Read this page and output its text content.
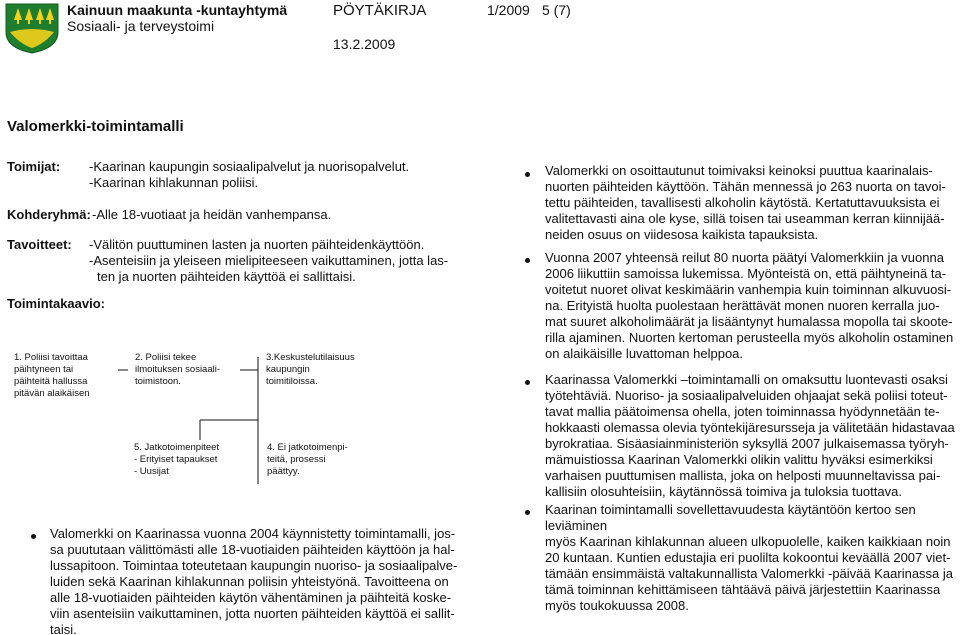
Kainuun maakunta -kuntayhtymä
Sosiaali- ja terveystoimi
PÖYTÄKIRJA	1/2009 5 (7)
13.2.2009
Valomerkki-toimintamalli
Toimijat: -Kaarinan kaupungin sosiaalipalvelut ja nuorisopalvelut.
-Kaarinan kihlakunnan poliisi.
Kohderyhmä: -Alle 18-vuotiaat ja heidän vanhempansa.
Tavoitteet: -Välitön puuttuminen lasten ja nuorten päihteidenkäyttöön.
-Asenteisiin ja yleiseen mielipiteeseen vaikuttaminen, jotta las-
ten ja nuorten päihteiden käyttöä ei sallittaisi.
Toimintakaavio:
1. Poliisi tavoittaa
päihtyneen tai
päihteitä hallussa
pitävän alaikäisen
2. Poliisi tekee
ilmoituksen sosiaali-
toimistoon.
3.Keskustelutilaisuus
kaupungin
toimitiloissa.
5. Jatkotoimenpiteet
- Erityiset tapaukset
- Uusijat
4. Ei jatkotoimenpi-
teitä, prosessi
päättyy.
Valomerkki on Kaarinassa vuonna 2004 käynnistetty toimintamalli, jos-
sa puututaan välittömästi alle 18-vuotiaiden päihteiden käyttöön ja hal-
lussapitoon. Toimintaa toteutetaan kaupungin nuoriso- ja sosiaalipalve-
luiden sekä Kaarinan kihlakunnan poliisin yhteistyönä. Tavoitteena on
alle 18-vuotiaiden päihteiden käytön vähentäminen ja päihteitä koske-
viin asenteisiin vaikuttaminen, jotta nuorten päihteiden käyttöä ei sallit-
taisi.
Valomerkki on osoittautunut toimivaksi keinoksi puuttua kaarinalais-
nuorten päihteiden käyttöön. Tähän mennessä jo 263 nuorta on tavoi-
tettu päihteiden, tavallisesti alkoholin käytöstä. Kertatuttavuuksista ei
valitettavasti aina ole kyse, sillä toisen tai useamman kerran kiinnijää-
neiden osuus on viidesosa kaikista tapauksista.
Vuonna 2007 yhteensä reilut 80 nuorta päätyi Valomerkkiin ja vuonna
2006 liikuttiin samoissa lukemissa. Myönteistä on, että päihtyneinä ta-
voitetut nuoret olivat keskimäärin vanhempia kuin toiminnan alkuvuosi-
na. Erityistä huolta puolestaan herättävät monen nuoren kerralla juo-
mat suuret alkoholimäärät ja lisääntynyt humalassa mopolla tai skoote-
rilla ajaminen. Nuorten kertoman perusteella myös alkoholin ostaminen
on alaikäisille luvattoman helppoa.
Kaarinassa Valomerkki –toimintamalli on omaksuttu luontevasti osaksi
työtehtäviä. Nuoriso- ja sosiaalipalveluiden ohjaajat sekä poliisi toteut-
tavat mallia päätoimensa ohella, joten toiminnassa hyödynnetään te-
hokkaasti olemassa olevia työntekijäresursseja ja välitetään hidastavaa
byrokratiaa. Sisäasiainministeriön syksyllä 2007 julkaisemassa työryh-
mämuistiossa Kaarinan Valomerkki olikin valittu hyväksi esimerkiksi
varhaisen puuttumisen mallista, joka on helposti muunneltavissa pai-
kallisiin olosuhteisiin, käytännössä toimiva ja tuloksia tuottava.
Kaarinan toimintamalli sovellettavuudesta käytäntöön kertoo sen leviäminen
myös Kaarinan kihlakunnan alueen ulkopuolelle, kaiken kaikkiaan noin
20 kuntaan. Kuntien edustajia eri puolilta kokoontui keväällä 2007 viet-
tämään ensimmäistä valtakunnallista Valomerkki -päivää Kaarinassa ja
tämä toiminnan kehittämiseen tähtäävä päivä järjestettiin Kaarinassa
myös toukokuussa 2008.
